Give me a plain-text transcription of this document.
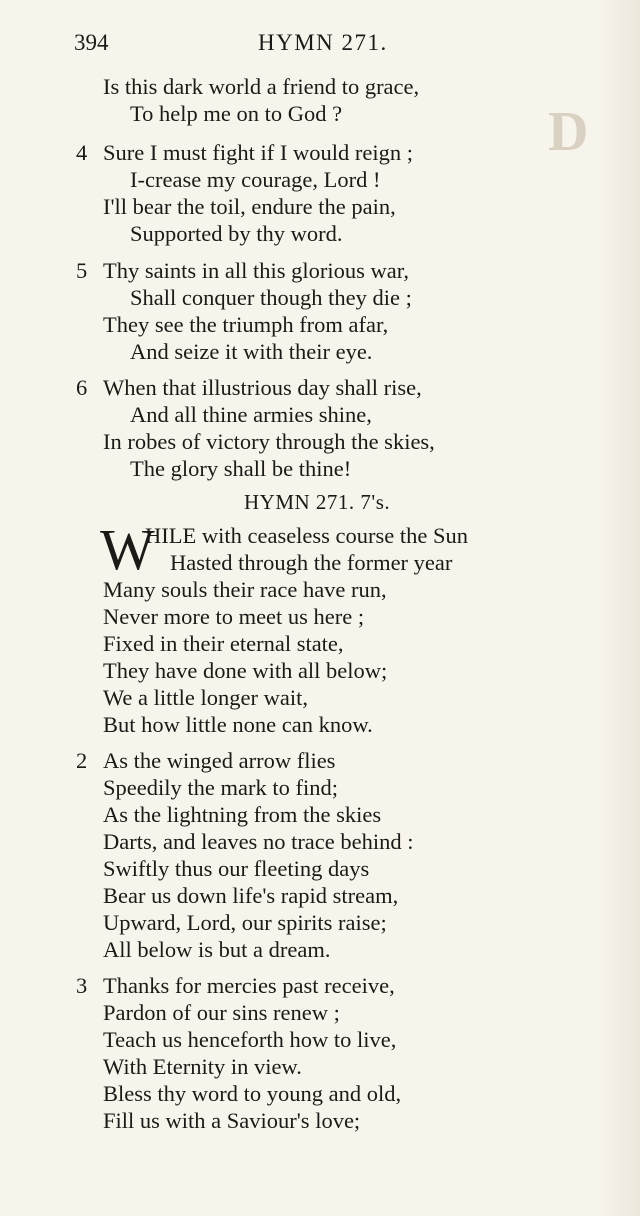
D
394	HYMN 271.
Is this dark world a friend to grace,
To help me on to God ?
4 Sure I must fight if I would reign ;
I-crease my courage, Lord !
I'll bear the toil, endure the pain,
Supported by thy word.
5 Thy saints in all this glorious war,
Shall conquer though they die ;
They see the triumph from afar,
And seize it with their eye.
6 When that illustrious day shall rise,
And all thine armies shine,
In robes of victory through the skies,
The glory shall be thine!
HYMN 271. 7's.
W
HILE with ceaseless course the Sun
Hasted through the former year
Many souls their race have run,
Never more to meet us here ;
Fixed in their eternal state,
They have done with all below;
We a little longer wait,
But how little none can know.
2 As the winged arrow flies
Speedily the mark to find;
As the lightning from the skies
Darts, and leaves no trace behind :
Swiftly thus our fleeting days
Bear us down life's rapid stream,
Upward, Lord, our spirits raise;
All below is but a dream.
3 Thanks for mercies past receive,
Pardon of our sins renew ;
Teach us henceforth how to live,
With Eternity in view.
Bless thy word to young and old,
Fill us with a Saviour's love;
